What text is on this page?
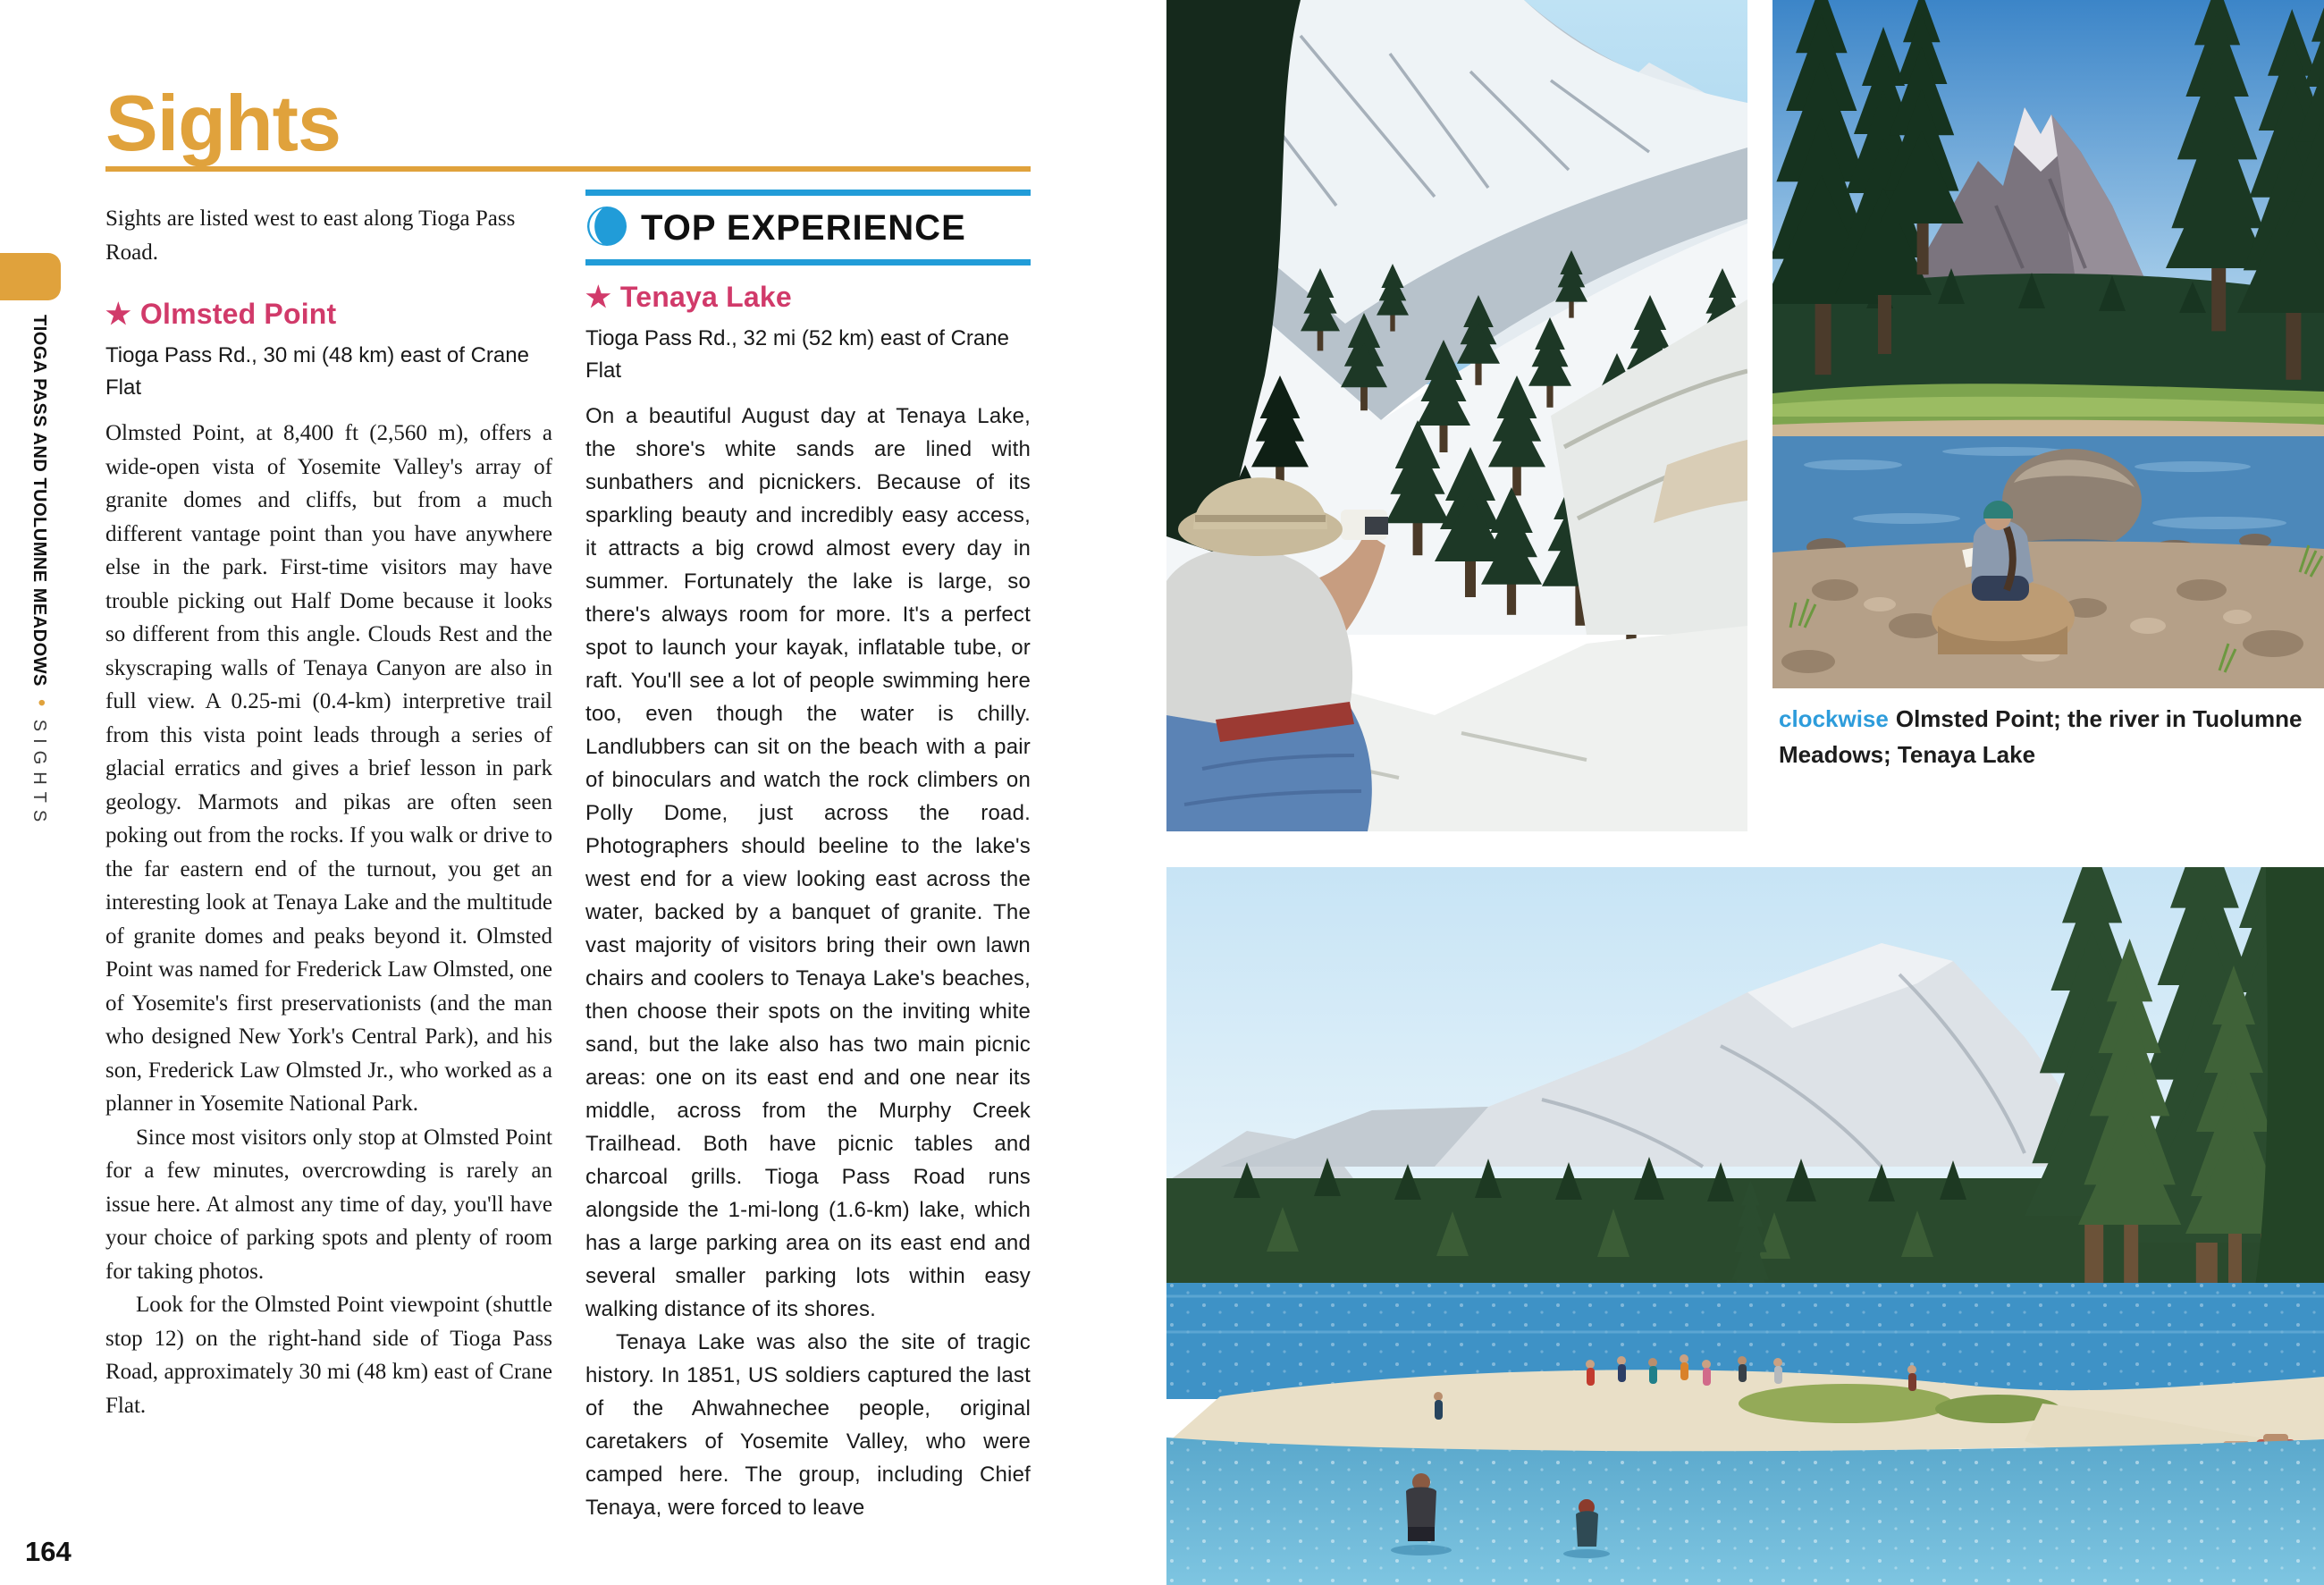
TIOGA PASS AND TUOLUMNE MEADOWS•SIGHTS
164
Sights

Sights are listed west to east along Tioga Pass Road.

★ Olmsted Point

Tioga Pass Rd., 30 mi (48 km) east of Crane Flat

Olmsted Point, at 8,400 ft (2,560 m), offers a wide-open vista of Yosemite Valley's array of granite domes and cliffs, but from a much different vantage point than you have anywhere else in the park. First-time visitors may have trouble picking out Half Dome because it looks so different from this angle. Clouds Rest and the skyscraping walls of Tenaya Canyon are also in full view. A 0.25-mi (0.4-km) interpretive trail from this vista point leads through a series of glacial erratics and gives a brief lesson in park geology. Marmots and pikas are often seen poking out from the rocks. If you walk or drive to the far eastern end of the turnout, you get an interesting look at Tenaya Lake and the multitude of granite domes and peaks beyond it. Olmsted Point was named for Frederick Law Olmsted, one of Yosemite's first preservationists (and the man who designed New York's Central Park), and his son, Frederick Law Olmsted Jr., who worked as a planner in Yosemite National Park.

Since most visitors only stop at Olmsted Point for a few minutes, overcrowding is rarely an issue here. At almost any time of day, you'll have your choice of parking spots and plenty of room for taking photos.

Look for the Olmsted Point viewpoint (shuttle stop 12) on the right-hand side of Tioga Pass Road, approximately 30 mi (48 km) east of Crane Flat.

TOP EXPERIENCE
★ Tenaya Lake

Tioga Pass Rd., 32 mi (52 km) east of Crane Flat

On a beautiful August day at Tenaya Lake, the shore's white sands are lined with sunbathers and picnickers. Because of its sparkling beauty and incredibly easy access, it attracts a big crowd almost every day in summer. Fortunately the lake is large, so there's always room for more. It's a perfect spot to launch your kayak, inflatable tube, or raft. You'll see a lot of people swimming here too, even though the water is chilly. Landlubbers can sit on the beach with a pair of binoculars and watch the rock climbers on Polly Dome, just across the road. Photographers should beeline to the lake's west end for a view looking east across the water, backed by a banquet of granite. The vast majority of visitors bring their own lawn chairs and coolers to Tenaya Lake's beaches, then choose their spots on the inviting white sand, but the lake also has two main picnic areas: one on its east end and one near its middle, across from the Murphy Creek Trailhead. Both have picnic tables and charcoal grills. Tioga Pass Road runs alongside the 1-mi-long (1.6-km) lake, which has a large parking area on its east end and several smaller parking lots within easy walking distance of its shores.

Tenaya Lake was also the site of tragic history. In 1851, US soldiers captured the last of the Ahwahnechee people, original caretakers of Yosemite Valley, who were camped here. The group, including Chief Tenaya, were forced to leave

clockwise Olmsted Point; the river in Tuolumne Meadows; Tenaya Lake
